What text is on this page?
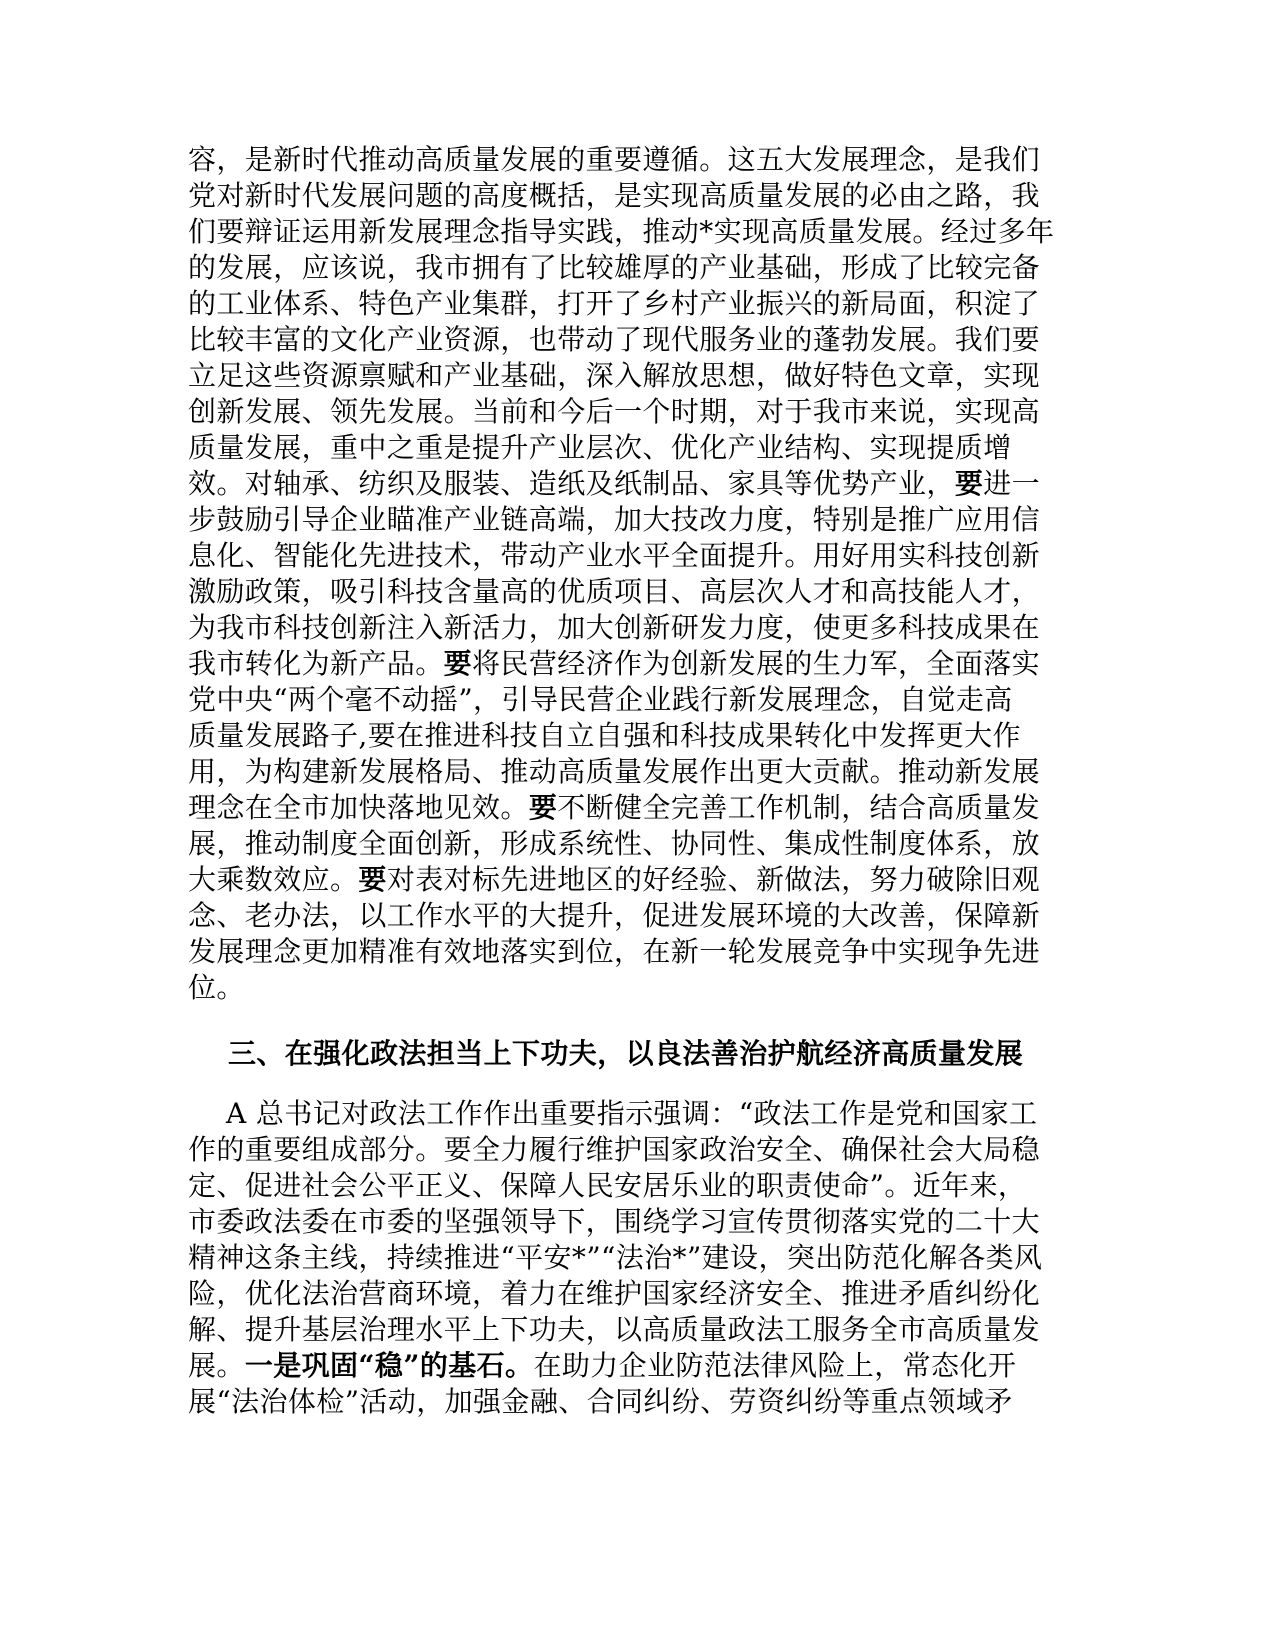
容，是新时代推动高质量发展的重要遵循。这五大发展理念，是我们
党对新时代发展问题的高度概括，是实现高质量发展的必由之路，我
们要辩证运用新发展理念指导实践，推动*实现高质量发展。经过多年
的发展，应该说，我市拥有了比较雄厚的产业基础，形成了比较完备
的工业体系、特色产业集群，打开了乡村产业振兴的新局面，积淀了
比较丰富的文化产业资源，也带动了现代服务业的蓬勃发展。我们要
立足这些资源禀赋和产业基础，深入解放思想，做好特色文章，实现
创新发展、领先发展。当前和今后一个时期，对于我市来说，实现高
质量发展，重中之重是提升产业层次、优化产业结构、实现提质增
效。对轴承、纺织及服装、造纸及纸制品、家具等优势产业，要进一
步鼓励引导企业瞄准产业链高端，加大技改力度，特别是推广应用信
息化、智能化先进技术，带动产业水平全面提升。用好用实科技创新
激励政策，吸引科技含量高的优质项目、高层次人才和高技能人才，
为我市科技创新注入新活力，加大创新研发力度，使更多科技成果在
我市转化为新产品。要将民营经济作为创新发展的生力军，全面落实
党中央“两个毫不动摇”，引导民营企业践行新发展理念，自觉走高
质量发展路子,要在推进科技自立自强和科技成果转化中发挥更大作
用，为构建新发展格局、推动高质量发展作出更大贡献。推动新发展
理念在全市加快落地见效。要不断健全完善工作机制，结合高质量发
展，推动制度全面创新，形成系统性、协同性、集成性制度体系，放
大乘数效应。要对表对标先进地区的好经验、新做法，努力破除旧观
念、老办法，以工作水平的大提升，促进发展环境的大改善，保障新
发展理念更加精准有效地落实到位，在新一轮发展竞争中实现争先进
位。
三、在强化政法担当上下功夫，以良法善治护航经济高质量发展
A 总书记对政法工作作出重要指示强调：“政法工作是党和国家工
作的重要组成部分。要全力履行维护国家政治安全、确保社会大局稳
定、促进社会公平正义、保障人民安居乐业的职责使命”。近年来，
市委政法委在市委的坚强领导下，围绕学习宣传贯彻落实党的二十大
精神这条主线，持续推进“平安*”“法治*”建设，突出防范化解各类风
险，优化法治营商环境，着力在维护国家经济安全、推进矛盾纠纷化
解、提升基层治理水平上下功夫，以高质量政法工服务全市高质量发
展。一是巩固“稳”的基石。在助力企业防范法律风险上，常态化开
展“法治体检”活动，加强金融、合同纠纷、劳资纠纷等重点领域矛
